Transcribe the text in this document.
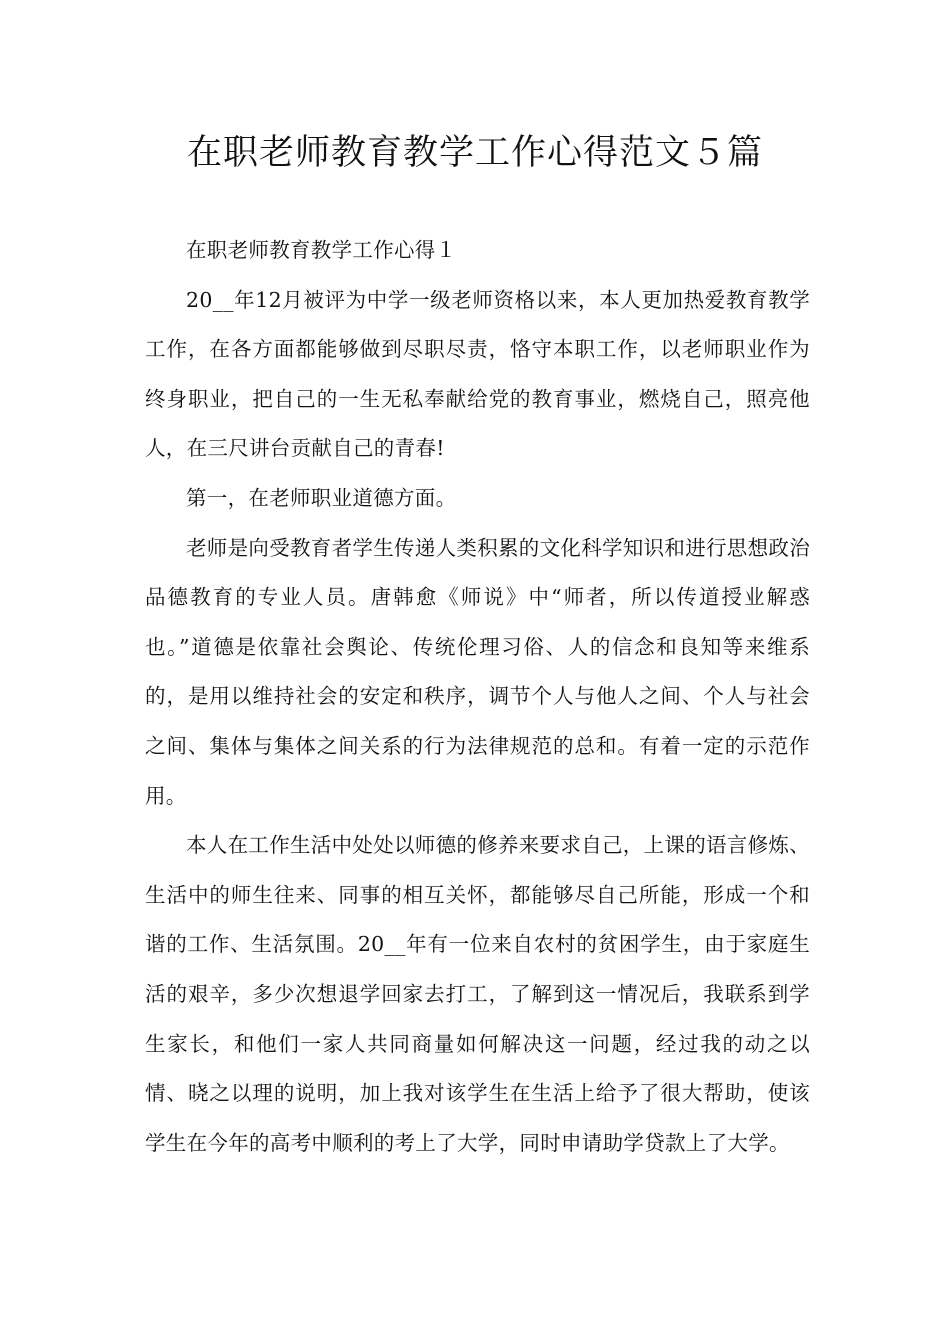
在职老师教育教学工作心得范文５篇

在职老师教育教学工作心得１

20__年12月被评为中学一级老师资格以来，本人更加热爱教育教学工作，在各方面都能够做到尽职尽责，恪守本职工作，以老师职业作为终身职业，把自己的一生无私奉献给党的教育事业，燃烧自己，照亮他人，在三尺讲台贡献自己的青春!

第一，在老师职业道德方面。

老师是向受教育者学生传递人类积累的文化科学知识和进行思想政治品德教育的专业人员。唐韩愈《师说》中“师者，所以传道授业解惑也。”道德是依靠社会舆论、传统伦理习俗、人的信念和良知等来维系的，是用以维持社会的安定和秩序，调节个人与他人之间、个人与社会之间、集体与集体之间关系的行为法律规范的总和。有着一定的示范作用。

本人在工作生活中处处以师德的修养来要求自己，上课的语言修炼、生活中的师生往来、同事的相互关怀，都能够尽自己所能，形成一个和谐的工作、生活氛围。20__年有一位来自农村的贫困学生，由于家庭生活的艰辛，多少次想退学回家去打工，了解到这一情况后，我联系到学生家长，和他们一家人共同商量如何解决这一问题，经过我的动之以情、晓之以理的说明，加上我对该学生在生活上给予了很大帮助，使该学生在今年的高考中顺利的考上了大学，同时申请助学贷款上了大学。
